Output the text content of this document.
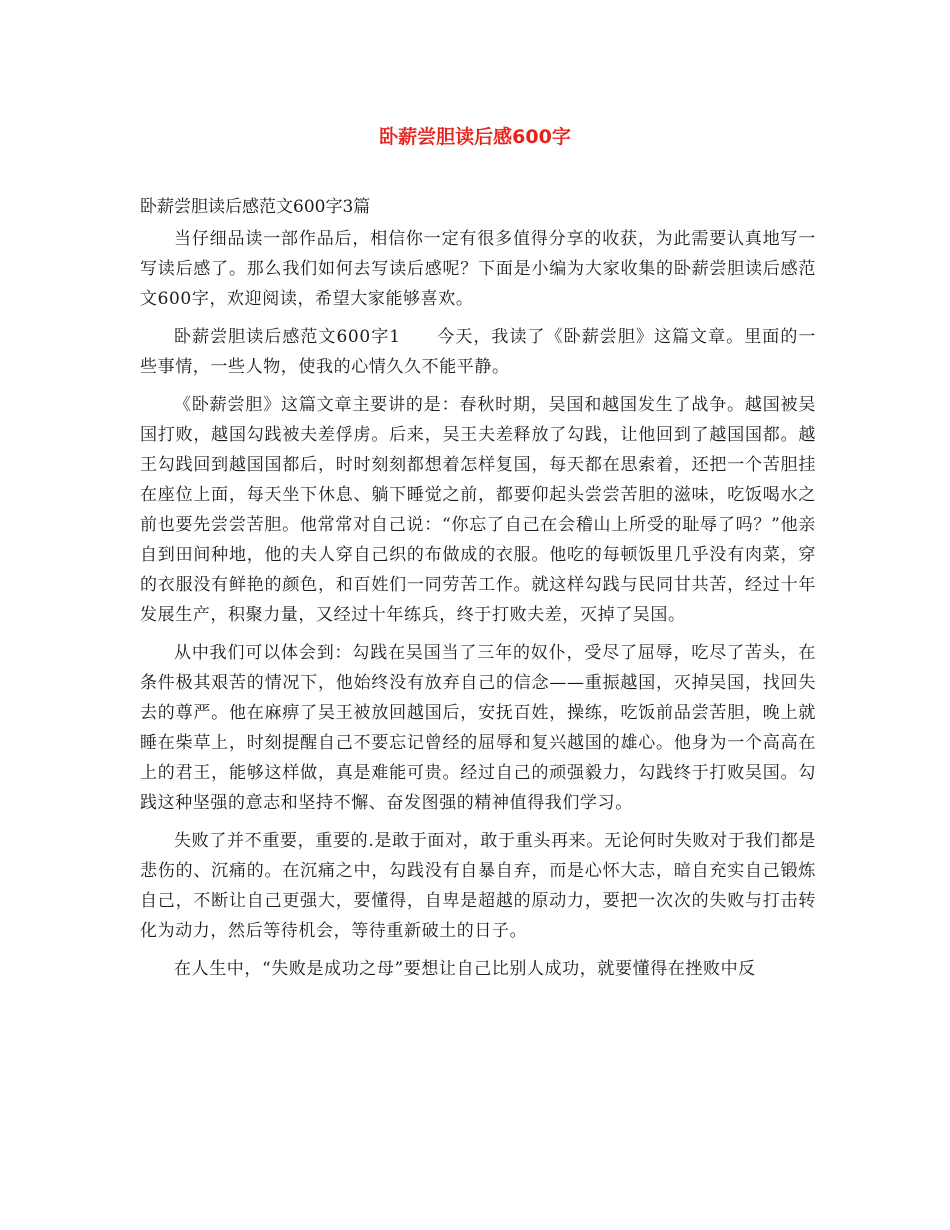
卧薪尝胆读后感600字

卧薪尝胆读后感范文600字3篇

当仔细品读一部作品后，相信你一定有很多值得分享的收获，为此需要认真地写一写读后感了。那么我们如何去写读后感呢？下面是小编为大家收集的卧薪尝胆读后感范文600字，欢迎阅读，希望大家能够喜欢。

卧薪尝胆读后感范文600字1　　今天，我读了《卧薪尝胆》这篇文章。里面的一些事情，一些人物，使我的心情久久不能平静。

《卧薪尝胆》这篇文章主要讲的是：春秋时期，吴国和越国发生了战争。越国被吴国打败，越国勾践被夫差俘虏。后来，吴王夫差释放了勾践，让他回到了越国国都。越王勾践回到越国国都后，时时刻刻都想着怎样复国，每天都在思索着，还把一个苦胆挂在座位上面，每天坐下休息、躺下睡觉之前，都要仰起头尝尝苦胆的滋味，吃饭喝水之前也要先尝尝苦胆。他常常对自己说：“你忘了自己在会稽山上所受的耻辱了吗？”他亲自到田间种地，他的夫人穿自己织的布做成的衣服。他吃的每顿饭里几乎没有肉菜，穿的衣服没有鲜艳的颜色，和百姓们一同劳苦工作。就这样勾践与民同甘共苦，经过十年发展生产，积聚力量，又经过十年练兵，终于打败夫差，灭掉了吴国。

从中我们可以体会到：勾践在吴国当了三年的奴仆，受尽了屈辱，吃尽了苦头，在条件极其艰苦的情况下，他始终没有放弃自己的信念——重振越国，灭掉吴国，找回失去的尊严。他在麻痹了吴王被放回越国后，安抚百姓，操练，吃饭前品尝苦胆，晚上就睡在柴草上，时刻提醒自己不要忘记曾经的屈辱和复兴越国的雄心。他身为一个高高在上的君王，能够这样做，真是难能可贵。经过自己的顽强毅力，勾践终于打败吴国。勾践这种坚强的意志和坚持不懈、奋发图强的精神值得我们学习。

失败了并不重要，重要的.是敢于面对，敢于重头再来。无论何时失败对于我们都是悲伤的、沉痛的。在沉痛之中，勾践没有自暴自弃，而是心怀大志，暗自充实自己锻炼自己，不断让自己更强大，要懂得，自卑是超越的原动力，要把一次次的失败与打击转化为动力，然后等待机会，等待重新破土的日子。

在人生中，“失败是成功之母”要想让自己比别人成功，就要懂得在挫败中反
